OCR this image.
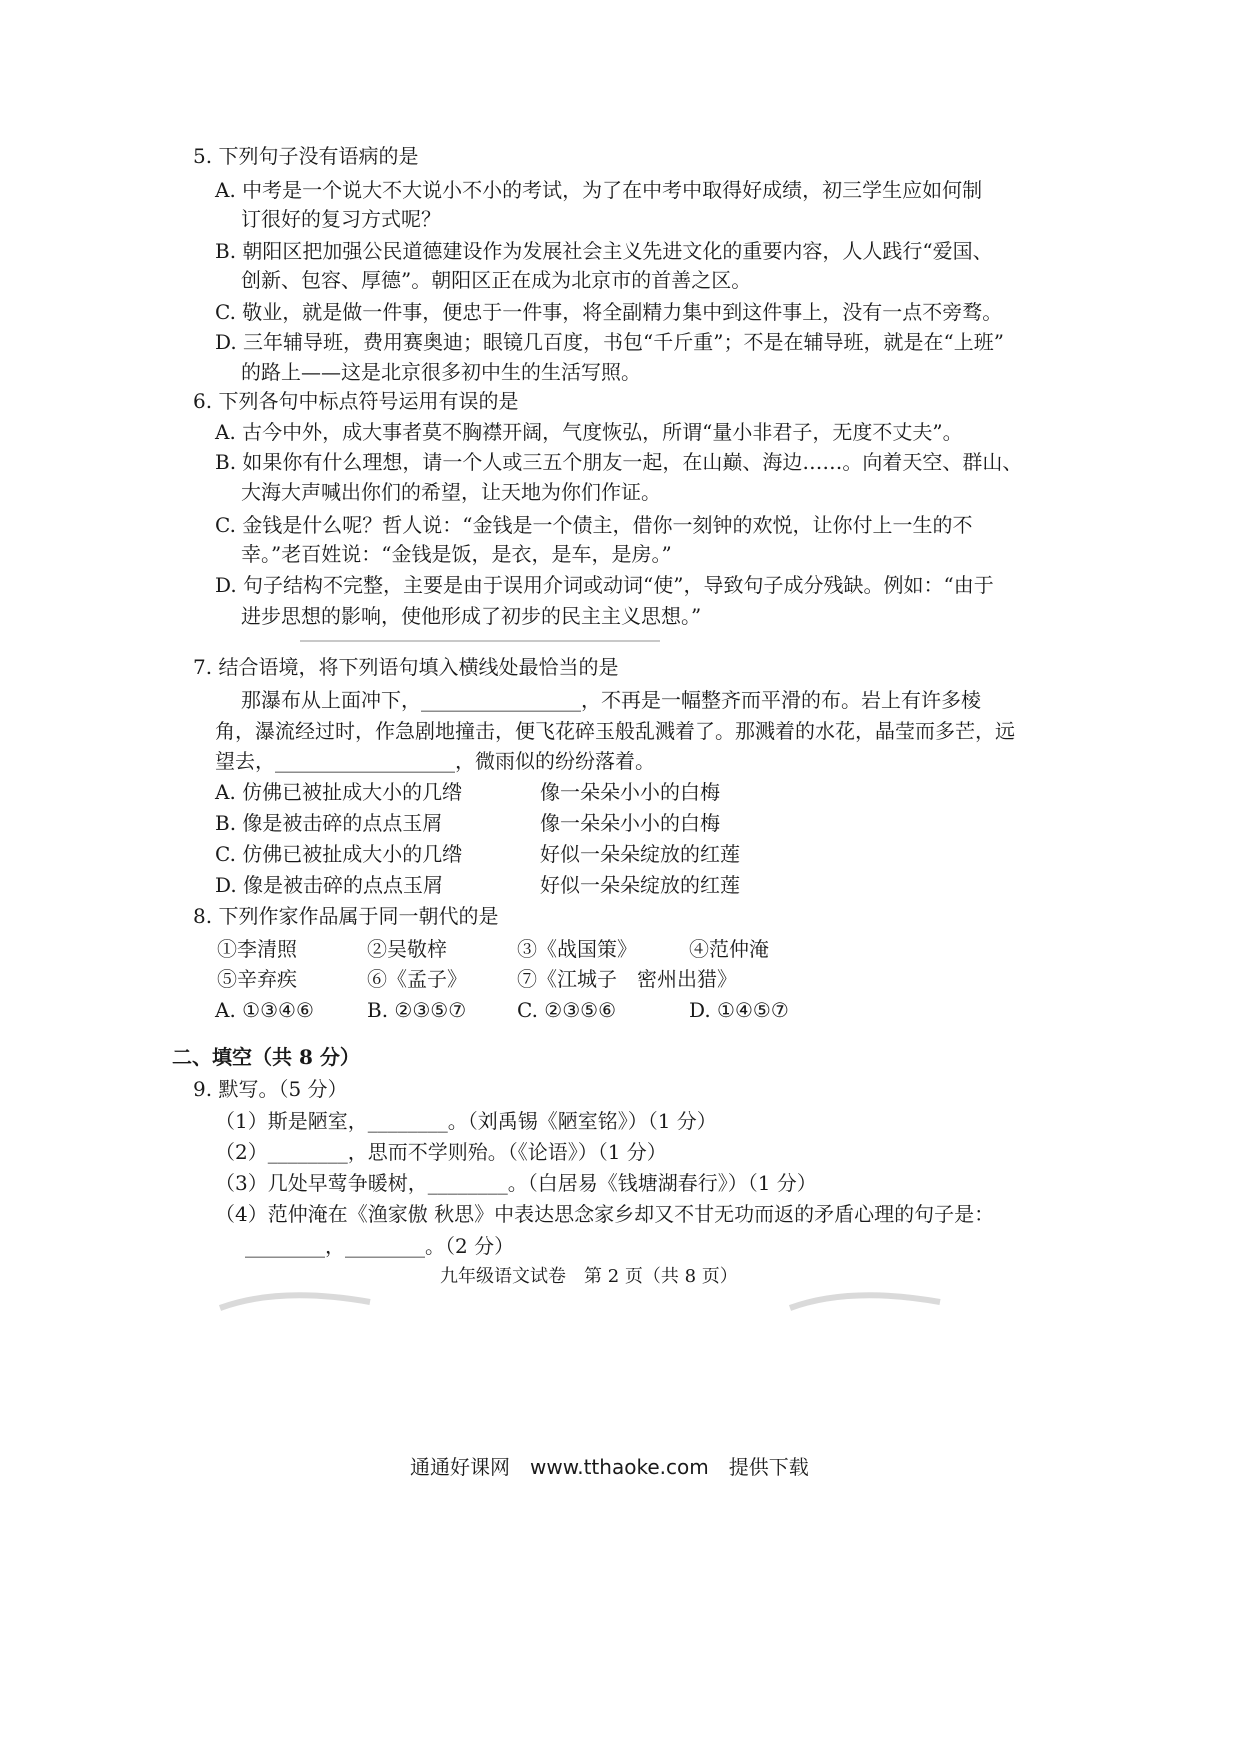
5. 下列句子没有语病的是
A. 中考是一个说大不大说小不小的考试，为了在中考中取得好成绩，初三学生应如何制
订很好的复习方式呢？
B. 朝阳区把加强公民道德建设作为发展社会主义先进文化的重要内容，人人践行“爱国、
创新、包容、厚德”。朝阳区正在成为北京市的首善之区。
C. 敬业，就是做一件事，便忠于一件事，将全副精力集中到这件事上，没有一点不旁骛。
D. 三年辅导班，费用赛奥迪；眼镜几百度，书包“千斤重”；不是在辅导班，就是在“上班”
的路上——这是北京很多初中生的生活写照。
6. 下列各句中标点符号运用有误的是
A. 古今中外，成大事者莫不胸襟开阔，气度恢弘，所谓“量小非君子，无度不丈夫”。
B. 如果你有什么理想，请一个人或三五个朋友一起，在山巅、海边……。向着天空、群山、
大海大声喊出你们的希望，让天地为你们作证。
C. 金钱是什么呢？哲人说：“金钱是一个债主，借你一刻钟的欢悦，让你付上一生的不
幸。”老百姓说：“金钱是饭，是衣，是车，是房。”
D. 句子结构不完整，主要是由于误用介词或动词“使”，导致句子成分残缺。例如：“由于
进步思想的影响，使他形成了初步的民主主义思想。”
7. 结合语境，将下列语句填入横线处最恰当的是
那瀑布从上面冲下，________________，不再是一幅整齐而平滑的布。岩上有许多棱
角，瀑流经过时，作急剧地撞击，便飞花碎玉般乱溅着了。那溅着的水花，晶莹而多芒，远
望去，__________________，微雨似的纷纷落着。
A. 仿佛已被扯成大小的几绺	像一朵朵小小的白梅
B. 像是被击碎的点点玉屑	像一朵朵小小的白梅
C. 仿佛已被扯成大小的几绺	好似一朵朵绽放的红莲
D. 像是被击碎的点点玉屑	好似一朵朵绽放的红莲
8. 下列作家作品属于同一朝代的是
①李清照	②吴敬梓	③《战国策》	④范仲淹
⑤辛弃疾	⑥《孟子》	⑦《江城子　密州出猎》
A. ①③④⑥	B. ②③⑤⑦	C. ②③⑤⑥	D. ①④⑤⑦
二、填空（共 8 分）
9. 默写。（5 分）
（1）斯是陋室，________。（刘禹锡《陋室铭》）（1 分）
（2）________，思而不学则殆。（《论语》）（1 分）
（3）几处早莺争暖树，________。（白居易《钱塘湖春行》）（1 分）
（4）范仲淹在《渔家傲 秋思》中表达思念家乡却又不甘无功而返的矛盾心理的句子是：
________，________。（2 分）
九年级语文试卷　第 2 页（共 8 页）
通通好课网　www.tthaoke.com　提供下载
